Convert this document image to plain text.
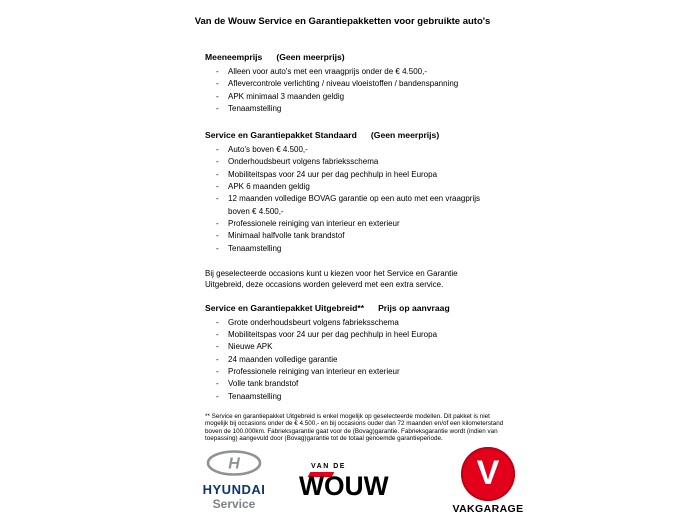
Van de Wouw Service en Garantiepakketten voor gebruikte auto's
Meeneemprijs (Geen meerprijs)
- Alleen voor auto's met een vraagprijs onder de € 4.500,-
- Aflevercontrole verlichting / niveau vloeistoffen / bandenspanning
- APK minimaal 3 maanden geldig
- Tenaamstelling
Service en Garantiepakket Standaard (Geen meerprijs)
- Auto's boven € 4.500,-
- Onderhoudsbeurt volgens fabrieksschema
- Mobiliteitspas voor 24 uur per dag pechhulp in heel Europa
- APK 6 maanden geldig
- 12 maanden volledige BOVAG garantie op een auto met een vraagprijs boven € 4.500,-
- Professionele reiniging van interieur en exterieur
- Minimaal halfvolle tank brandstof
- Tenaamstelling
Bij geselecteerde occasions kunt u kiezen voor het Service en Garantie Uitgebreid, deze occasions worden geleverd met een extra service.
Service en Garantiepakket Uitgebreid** Prijs op aanvraag
- Grote onderhoudsbeurt volgens fabrieksschema
- Mobiliteitspas voor 24 uur per dag pechhulp in heel Europa
- Nieuwe APK
- 24 maanden volledige garantie
- Professionele reiniging van interieur en exterieur
- Volle tank brandstof
- Tenaamstelling
** Service en garantiepakket Uitgebreid is enkel mogelijk op geselecteerde modellen. Dit pakket is niet mogelijk bij occasions onder de € 4.500,- en bij occasions ouder dan 72 maanden en/of een kilometerstand boven de 100.000km. Fabrieksgarantie gaat voor de (Bovag)garantie. Fabrieksgarantie wordt (indien van toepassing) aangevuld door (Bovag)garantie tot de totaal genoemde garantieperiode.
H
HYUNDAI
Service
VAN DE
WOUW	V
VAKGARAGE
